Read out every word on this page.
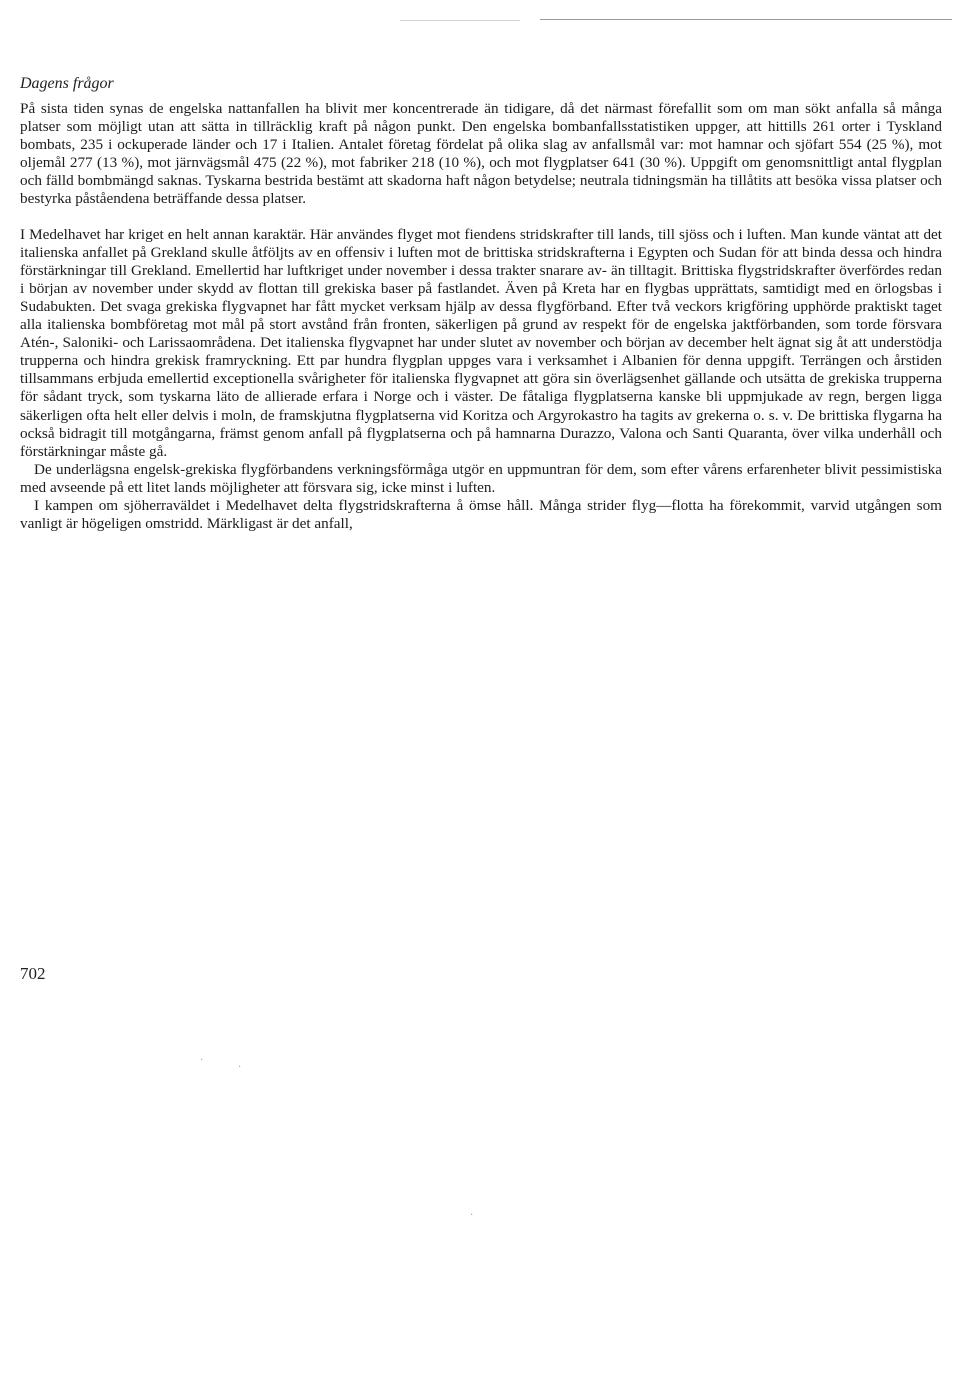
Dagens frågor

På sista tiden synas de engelska nattanfallen ha blivit mer koncentrerade än tidigare, då det närmast förefallit som om man sökt anfalla så många platser som möjligt utan att sätta in tillräcklig kraft på någon punkt. Den engelska bombanfallsstatistiken uppger, att hittills 261 orter i Tyskland bombats, 235 i ockuperade länder och 17 i Italien. Antalet företag fördelat på olika slag av anfallsmål var: mot hamnar och sjöfart 554 (25 %), mot oljemål 277 (13 %), mot järnvägsmål 475 (22 %), mot fabriker 218 (10 %), och mot flygplatser 641 (30 %). Uppgift om genomsnittligt antal flygplan och fälld bombmängd saknas. Tyskarna bestrida bestämt att skadorna haft någon betydelse; neutrala tidningsmän ha tillåtits att besöka vissa platser och bestyrka påståendena beträffande dessa platser.

I Medelhavet har kriget en helt annan karaktär. Här användes flyget mot fiendens stridskrafter till lands, till sjöss och i luften. Man kunde väntat att det italienska anfallet på Grekland skulle åtföljts av en offensiv i luften mot de brittiska stridskrafterna i Egypten och Sudan för att binda dessa och hindra förstärkningar till Grekland. Emellertid har luftkriget under november i dessa trakter snarare av- än tilltagit. Brittiska flygstridskrafter överfördes redan i början av november under skydd av flottan till grekiska baser på fastlandet. Även på Kreta har en flygbas upprättats, samtidigt med en örlogsbas i Sudabukten. Det svaga grekiska flygvapnet har fått mycket verksam hjälp av dessa flygförband. Efter två veckors krigföring upphörde praktiskt taget alla italienska bombföretag mot mål på stort avstånd från fronten, säkerligen på grund av respekt för de engelska jaktförbanden, som torde försvara Atén-, Saloniki- och Larissaområdena. Det italienska flygvapnet har under slutet av november och början av december helt ägnat sig åt att understödja trupperna och hindra grekisk framryckning. Ett par hundra flygplan uppges vara i verksamhet i Albanien för denna uppgift. Terrängen och årstiden tillsammans erbjuda emellertid exceptionella svårigheter för italienska flygvapnet att göra sin överlägsenhet gällande och utsätta de grekiska trupperna för sådant tryck, som tyskarna läto de allierade erfara i Norge och i väster. De fåtaliga flygplatserna kanske bli uppmjukade av regn, bergen ligga säkerligen ofta helt eller delvis i moln, de framskjutna flygplatserna vid Koritza och Argyrokastro ha tagits av grekerna o. s. v. De brittiska flygarna ha också bidragit till motgångarna, främst genom anfall på flygplatserna och på hamnarna Durazzo, Valona och Santi Quaranta, över vilka underhåll och förstärkningar måste gå.

De underlägsna engelsk-grekiska flygförbandens verkningsförmåga utgör en uppmuntran för dem, som efter vårens erfarenheter blivit pessimistiska med avseende på ett litet lands möjligheter att försvara sig, icke minst i luften.

I kampen om sjöherraväldet i Medelhavet delta flygstridskrafterna å ömse håll. Många strider flyg—flotta ha förekommit, varvid utgången som vanligt är högeligen omstridd. Märkligast är det anfall,

702
·
·
·
